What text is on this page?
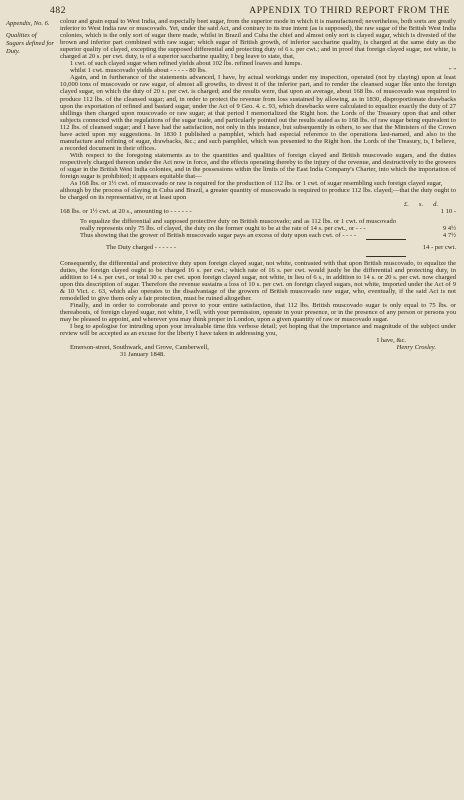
482	APPENDIX TO THIRD REPORT FROM THE
Appendix, No. 6.
Qualities of Sugars defined for Duty.

colour and grain equal to West India, and especially beet sugar, from the superior mode in which it is manufactured; nevertheless, both sorts are greatly inferior to West India raw or muscovado. Yet, under the said Act, and contrary to its true intent (as is supposed), the raw sugar of the British West India colonies, which is the only sort of sugar there made, whilst in Brazil and Cuba the chief and almost only sort is clayed sugar, which is divested of the brown and inferior part combined with raw sugar; which sugar of British growth, of inferior saccharine quality, is charged at the same duty as the superior quality of clayed, excepting the supposed differential and protecting duty of 6 s. per cwt.; and in proof that foreign clayed sugar, not white, is charged at 20 s. per cwt. duty, is of a superior saccharine quality, I beg leave to state, that,

1 cwt. of such clayed sugar when refined yields about 102 lbs. refined loaves and lumps.
whilst 1 cwt. muscovado yields about - - - - - 80 lbs.	" "

Again, and in furtherance of the statements advanced, I have, by actual workings under my inspection, operated (not by claying) upon at least 10,000 tons of muscovado or raw sugar, of almost all growths, to divest it of the inferior part, and to render the cleansed sugar like unto the foreign clayed sugar, on which the duty of 20 s. per cwt. is charged; and the results were, that upon an average, about 168 lbs. of muscovado was required to produce 112 lbs. of the cleansed sugar; and, in order to protect the revenue from loss sustained by allowing, as in 1830, disproportionate drawbacks upon the exportation of refined and bastard sugar, under the Act of 9 Geo. 4. c. 93, which drawbacks were calculated to equalize exactly the duty of 27 shillings then charged upon muscovado or raw sugar; at that period I memorialized the Right hon. the Lords of the Treasury upon that and other subjects connected with the regulations of the sugar trade, and particularly pointed out the results stated as to 168 lbs. of raw sugar being equivalent to 112 lbs. of cleansed sugar; and I have had the satisfaction, not only in this instance, but subsequently in others, to see that the Ministers of the Crown have acted upon my suggestions. In 1830 I published a pamphlet, which had especial reference to the operations last-named, and also to the manufacture and refining of sugar, drawbacks, &c.; and such pamphlet, which was presented to the Right hon. the Lords of the Treasury, is, I believe, a recorded document in their offices.

With respect to the foregoing statements as to the quantities and qualities of foreign clayed and British muscovado sugars, and the duties respectively charged thereon under the Act now in force, and the effects operating thereby to the injury of the revenue, and destructively to the growers of sugar in the British West India colonies, and in the possessions within the limits of the East India Company's Charter, into which the importation of foreign sugar is prohibited; it appears equitable that—

As 168 lbs. or 1½ cwt. of muscovado or raw is required for the production of 112 lbs. or 1 cwt. of sugar resembling such foreign clayed sugar,

although by the process of claying in Cuba and Brazil, a greater quantity of muscovado is required to produce 112 lbs. clayed;—that the duty ought to be charged on its representative, or at least upon

£. s. d.
168 lbs. or 1½ cwt. at 20 s., amounting to - - - - - -	1 10 -
To equalize the differential and supposed protective duty on British muscovado; and as 112 lbs. or 1 cwt. of muscovado really represents only 75 lbs. of clayed, the duty on the former ought to be at the rate of 14 s. per cwt., or - - -	9 4½
Thus showing that the grower of British muscovado sugar pays an excess of duty upon each cwt. of - - - -	4 7½
The Duty charged - - - - - -	14 - per cwt.

Consequently, the differential and protective duty upon foreign clayed sugar, not white, contrasted with that upon British muscovado, to equalize the duties, the foreign clayed ought to be charged 16 s. per cwt.; which rate of 16 s. per cwt. would justly be the differential and protecting duty, in addition to 14 s. per cwt., or total 30 s. per cwt. upon foreign clayed sugar, not white, in lieu of 6 s., in addition to 14 s. or 20 s. per cwt. now charged upon this description of sugar. Therefore the revenue sustains a loss of 10 s. per cwt. on foreign clayed sugars, not white, imported under the Act of 9 & 10 Vict. c. 63, which also operates to the disadvantage of the growers of British muscovado raw sugar, who, eventually, if the said Act is not remodelled to give them only a fair protection, must be ruined altogether.

Finally, and in order to corroborate and prove to your entire satisfaction, that 112 lbs. British muscovado sugar is only equal to 75 lbs. or thereabouts, of foreign clayed sugar, not white, I will, with your permission, operate in your presence, or in the presence of any person or persons you may be pleased to appoint, and wherever you may think proper in London, upon a given quantity of raw or muscovado sugar.

I beg to apologise for intruding upon your invaluable time this verbose detail; yet hoping that the importance and magnitude of the subject under review will be accepted as an excuse for the liberty I have taken in addressing you,

I have, &c.
Emerson-street, Southwark, and Grove, Camberwell,	Henry Crosley.
31 January 1848.
